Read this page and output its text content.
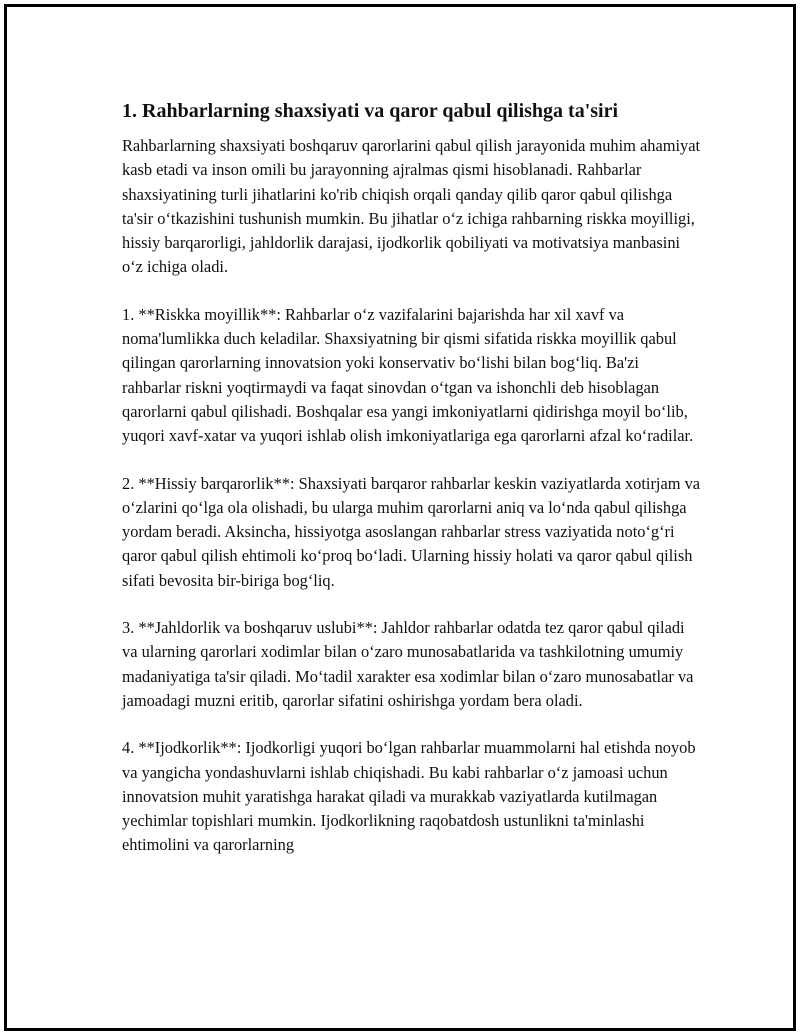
1. Rahbarlarning shaxsiyati va qaror qabul qilishga ta'siri

Rahbarlarning shaxsiyati boshqaruv qarorlarini qabul qilish jarayonida muhim ahamiyat kasb etadi va inson omili bu jarayonning ajralmas qismi hisoblanadi. Rahbarlar shaxsiyatining turli jihatlarini ko'rib chiqish orqali qanday qilib qaror qabul qilishga ta'sir oʻtkazishini tushunish mumkin. Bu jihatlar oʻz ichiga rahbarning riskka moyilligi, hissiy barqarorligi, jahldorlik darajasi, ijodkorlik qobiliyati va motivatsiya manbasini oʻz ichiga oladi.

1. **Riskka moyillik**: Rahbarlar oʻz vazifalarini bajarishda har xil xavf va noma'lumlikka duch keladilar. Shaxsiyatning bir qismi sifatida riskka moyillik qabul qilingan qarorlarning innovatsion yoki konservativ boʻlishi bilan bogʻliq. Ba'zi rahbarlar riskni yoqtirmaydi va faqat sinovdan oʻtgan va ishonchli deb hisoblagan qarorlarni qabul qilishadi. Boshqalar esa yangi imkoniyatlarni qidirishga moyil boʻlib, yuqori xavf-xatar va yuqori ishlab olish imkoniyatlariga ega qarorlarni afzal koʻradilar.

2. **Hissiy barqarorlik**: Shaxsiyati barqaror rahbarlar keskin vaziyatlarda xotirjam va oʻzlarini qoʻlga ola olishadi, bu ularga muhim qarorlarni aniq va loʻnda qabul qilishga yordam beradi. Aksincha, hissiyotga asoslangan rahbarlar stress vaziyatida notoʻgʻri qaror qabul qilish ehtimoli koʻproq boʻladi. Ularning hissiy holati va qaror qabul qilish sifati bevosita bir-biriga bogʻliq.

3. **Jahldorlik va boshqaruv uslubi**: Jahldor rahbarlar odatda tez qaror qabul qiladi va ularning qarorlari xodimlar bilan oʻzaro munosabatlarida va tashkilotning umumiy madaniyatiga ta'sir qiladi. Moʻtadil xarakter esa xodimlar bilan oʻzaro munosabatlar va jamoadagi muzni eritib, qarorlar sifatini oshirishga yordam bera oladi.

4. **Ijodkorlik**: Ijodkorligi yuqori boʻlgan rahbarlar muammolarni hal etishda noyob va yangicha yondashuvlarni ishlab chiqishadi. Bu kabi rahbarlar oʻz jamoasi uchun innovatsion muhit yaratishga harakat qiladi va murakkab vaziyatlarda kutilmagan yechimlar topishlari mumkin. Ijodkorlikning raqobatdosh ustunlikni ta'minlashi ehtimolini va qarorlarning
